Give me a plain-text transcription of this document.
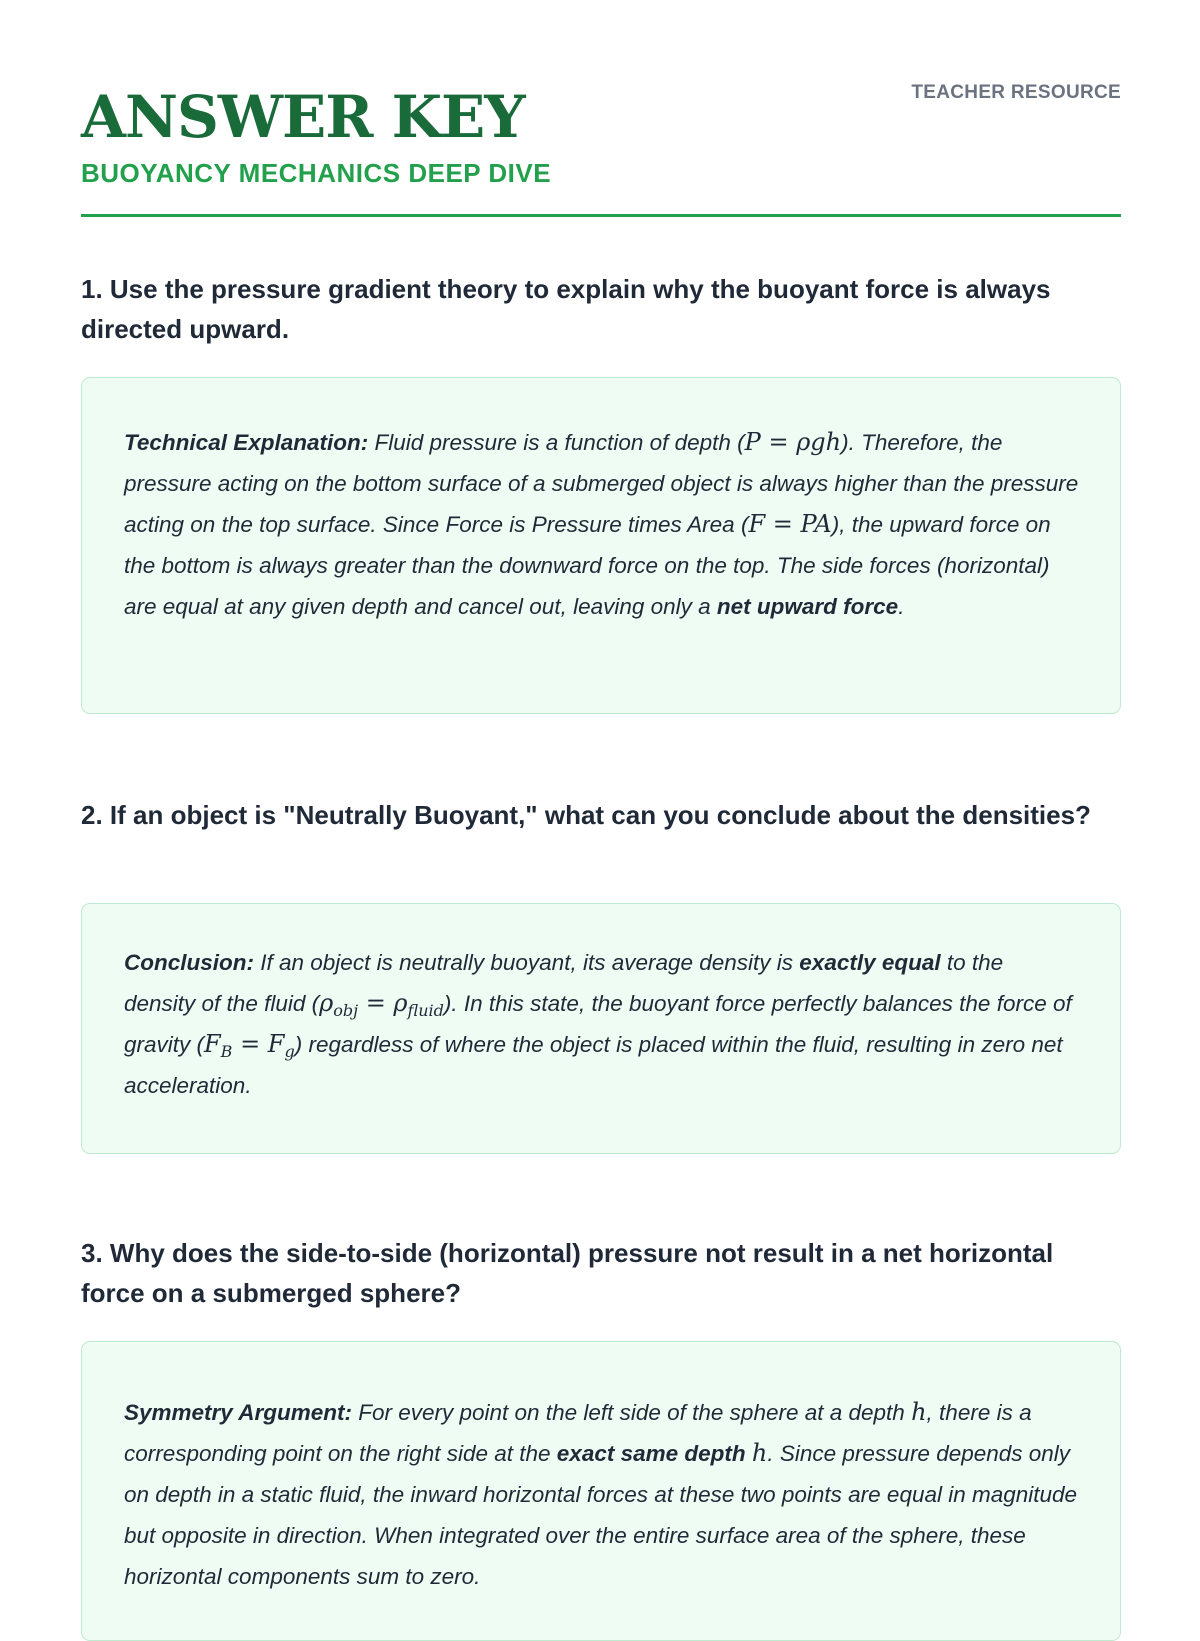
ANSWER KEY
BUOYANCY MECHANICS DEEP DIVE
TEACHER RESOURCE
1. Use the pressure gradient theory to explain why the buoyant force is always directed upward.
Technical Explanation: Fluid pressure is a function of depth (P = ρgh). Therefore, the pressure acting on the bottom surface of a submerged object is always higher than the pressure acting on the top surface. Since Force is Pressure times Area (F = PA), the upward force on the bottom is always greater than the downward force on the top. The side forces (horizontal) are equal at any given depth and cancel out, leaving only a net upward force.
2. If an object is "Neutrally Buoyant," what can you conclude about the densities?
Conclusion: If an object is neutrally buoyant, its average density is exactly equal to the density of the fluid $(\rho_{obj} = \rho_{fluid})$. In this state, the buoyant force perfectly balances the force of gravity $(F_B = F_g)$ regardless of where the object is placed within the fluid, resulting in zero net acceleration.
3. Why does the side-to-side (horizontal) pressure not result in a net horizontal force on a submerged sphere?
Symmetry Argument: For every point on the left side of the sphere at a depth h, there is a corresponding point on the right side at the exact same depth h. Since pressure depends only on depth in a static fluid, the inward horizontal forces at these two points are equal in magnitude but opposite in direction. When integrated over the entire surface area of the sphere, these horizontal components sum to zero.
